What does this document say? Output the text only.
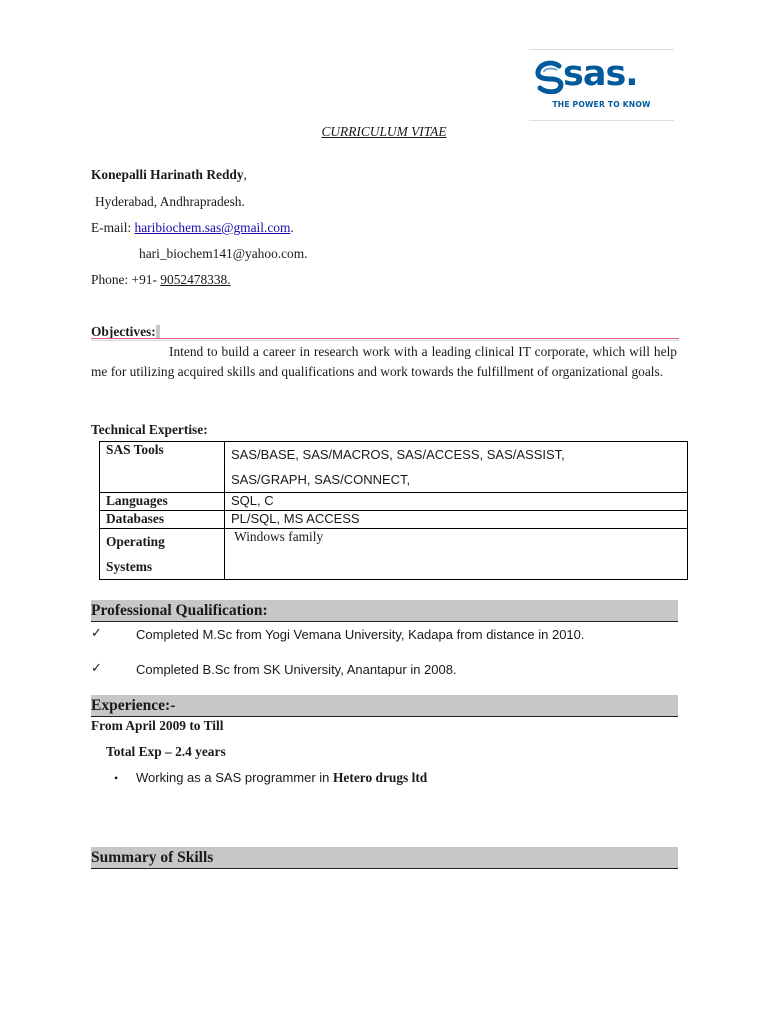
sas.
THE POWER TO KNOW
CURRICULUM VITAE
Konepalli Harinath Reddy,
Hyderabad, Andhrapradesh.
E-mail: haribiochem.sas@gmail.com.
hari_biochem141@yahoo.com.
Phone: +91- 9052478338.
Objectives:
Intend to build a career in research work with a leading clinical IT corporate, which will help me for utilizing acquired skills and qualifications and work towards the fulfillment of organizational goals.
Technical Expertise:
SAS Tools	SAS/BASE, SAS/MACROS, SAS/ACCESS, SAS/ASSIST,
SAS/GRAPH, SAS/CONNECT,

Languages	SQL, C
Databases	PL/SQL, MS ACCESS

Operating
Systems	Windows family
Professional Qualification:
✓	Completed M.Sc from Yogi Vemana University, Kadapa from distance in 2010.
✓	Completed B.Sc from SK University, Anantapur in 2008.
Experience:-
From April 2009 to Till
Total Exp – 2.4 years
• Working as a SAS programmer in Hetero drugs ltd
Summary of Skills
